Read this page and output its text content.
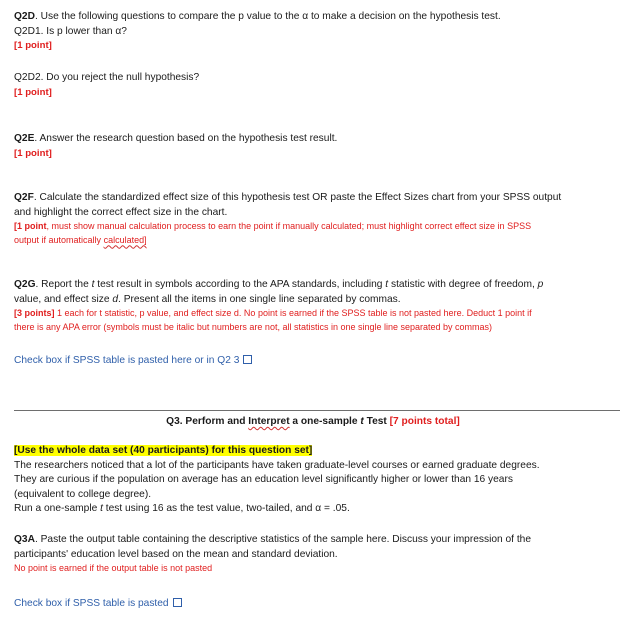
Q2D. Use the following questions to compare the p value to the α to make a decision on the hypothesis test.

Q2D1. Is p lower than α?

[1 point]

Q2D2. Do you reject the null hypothesis?

[1 point]

Q2E. Answer the research question based on the hypothesis test result.

[1 point]

Q2F. Calculate the standardized effect size of this hypothesis test OR paste the Effect Sizes chart from your SPSS output

and highlight the correct effect size in the chart.

[1 point, must show manual calculation process to earn the point if manually calculated; must highlight correct effect size in SPSS

output if automatically calculated]

Q2G. Report the t test result in symbols according to the APA standards, including t statistic with degree of freedom, p

value, and effect size d. Present all the items in one single line separated by commas.

[3 points] 1 each for t statistic, p value, and effect size d. No point is earned if the SPSS table is not pasted here. Deduct 1 point if

there is any APA error (symbols must be italic but numbers are not, all statistics in one single line separated by commas)

Check box if SPSS table is pasted here or in Q2 3
Q3. Perform and Interpret a one-sample t Test [7 points total]

[Use the whole data set (40 participants) for this question set]

The researchers noticed that a lot of the participants have taken graduate-level courses or earned graduate degrees.

They are curious if the population on average has an education level significantly higher or lower than 16 years

(equivalent to college degree).

Run a one-sample t test using 16 as the test value, two-tailed, and α = .05.

Q3A. Paste the output table containing the descriptive statistics of the sample here. Discuss your impression of the

participants' education level based on the mean and standard deviation.

No point is earned if the output table is not pasted

Check box if SPSS table is pasted
